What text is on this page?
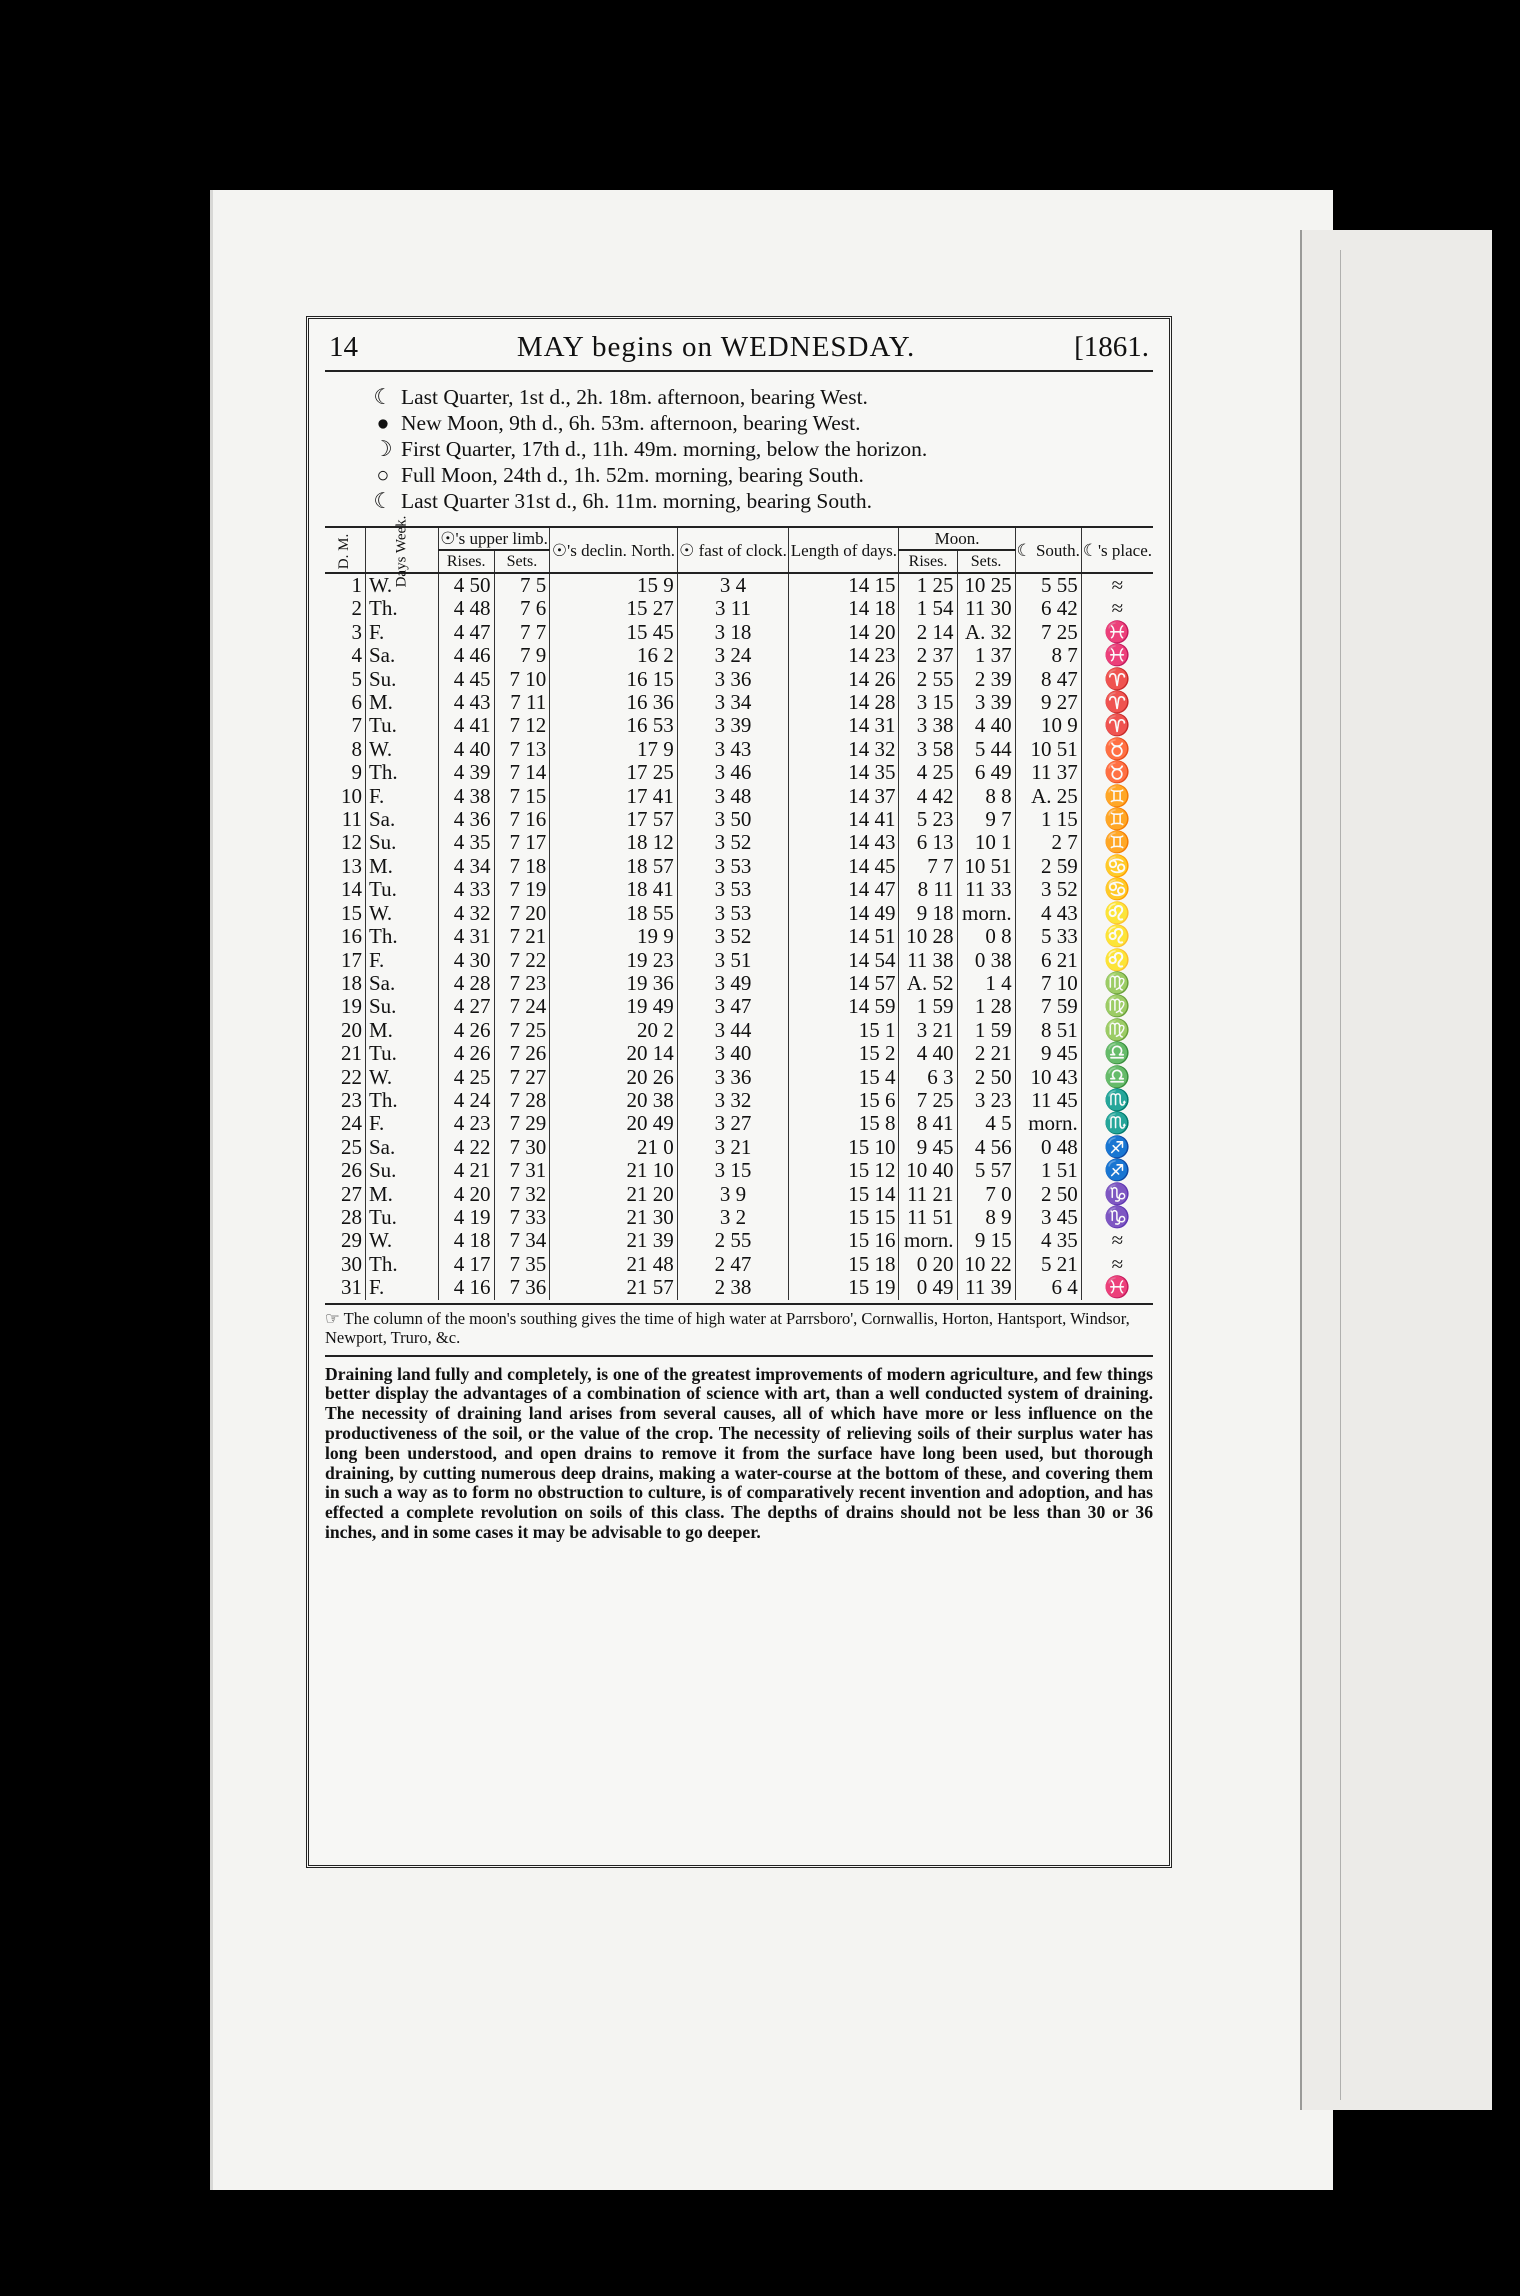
14	MAY begins on WEDNESDAY.	[1861.
☾ Last Quarter, 1st d., 2h. 18m. afternoon, bearing West.
● New Moon, 9th d., 6h. 53m. afternoon, bearing West.
☽ First Quarter, 17th d., 11h. 49m. morning, below the horizon.
○ Full Moon, 24th d., 1h. 52m. morning, bearing South.
☾ Last Quarter 31st d., 6h. 11m. morning, bearing South.
D. M.	Days Week.	☉'s upper limb.		☉'s declin. North.	☉ fast of clock.	Length of days.	Moon.		☾ South.	☾'s place.
		Rises.	Sets.				Rises.	Sets.		
1	W.	4 50	7 5	15 9	3 4	14 15	1 25	10 25	5 55	≈
2	Th.	4 48	7 6	15 27	3 11	14 18	1 54	11 30	6 42	≈
3	F.	4 47	7 7	15 45	3 18	14 20	2 14	A. 32	7 25	♓
4	Sa.	4 46	7 9	16 2	3 24	14 23	2 37	1 37	8 7	♓
5	Su.	4 45	7 10	16 15	3 36	14 26	2 55	2 39	8 47	♈
6	M.	4 43	7 11	16 36	3 34	14 28	3 15	3 39	9 27	♈
7	Tu.	4 41	7 12	16 53	3 39	14 31	3 38	4 40	10 9	♈
8	W.	4 40	7 13	17 9	3 43	14 32	3 58	5 44	10 51	♉
9	Th.	4 39	7 14	17 25	3 46	14 35	4 25	6 49	11 37	♉
10	F.	4 38	7 15	17 41	3 48	14 37	4 42	8 8	A. 25	♊
11	Sa.	4 36	7 16	17 57	3 50	14 41	5 23	9 7	1 15	♊
12	Su.	4 35	7 17	18 12	3 52	14 43	6 13	10 1	2 7	♊
13	M.	4 34	7 18	18 57	3 53	14 45	7 7	10 51	2 59	♋
14	Tu.	4 33	7 19	18 41	3 53	14 47	8 11	11 33	3 52	♋
15	W.	4 32	7 20	18 55	3 53	14 49	9 18	morn.	4 43	♌
16	Th.	4 31	7 21	19 9	3 52	14 51	10 28	0 8	5 33	♌
17	F.	4 30	7 22	19 23	3 51	14 54	11 38	0 38	6 21	♌
18	Sa.	4 28	7 23	19 36	3 49	14 57	A. 52	1 4	7 10	♍
19	Su.	4 27	7 24	19 49	3 47	14 59	1 59	1 28	7 59	♍
20	M.	4 26	7 25	20 2	3 44	15 1	3 21	1 59	8 51	♍
21	Tu.	4 26	7 26	20 14	3 40	15 2	4 40	2 21	9 45	♎
22	W.	4 25	7 27	20 26	3 36	15 4	6 3	2 50	10 43	♎
23	Th.	4 24	7 28	20 38	3 32	15 6	7 25	3 23	11 45	♏
24	F.	4 23	7 29	20 49	3 27	15 8	8 41	4 5	morn.	♏
25	Sa.	4 22	7 30	21 0	3 21	15 10	9 45	4 56	0 48	♐
26	Su.	4 21	7 31	21 10	3 15	15 12	10 40	5 57	1 51	♐
27	M.	4 20	7 32	21 20	3 9	15 14	11 21	7 0	2 50	♑
28	Tu.	4 19	7 33	21 30	3 2	15 15	11 51	8 9	3 45	♑
29	W.	4 18	7 34	21 39	2 55	15 16	morn.	9 15	4 35	≈
30	Th.	4 17	7 35	21 48	2 47	15 18	0 20	10 22	5 21	≈
31	F.	4 16	7 36	21 57	2 38	15 19	0 49	11 39	6 4	♓
☞ The column of the moon's southing gives the time of high water at Parrsboro', Cornwallis, Horton, Hantsport, Windsor, Newport, Truro, &c.
Draining land fully and completely, is one of the greatest improvements of modern agriculture, and few things better display the advantages of a combination of science with art, than a well conducted system of draining. The necessity of draining land arises from several causes, all of which have more or less influence on the productiveness of the soil, or the value of the crop. The necessity of relieving soils of their surplus water has long been understood, and open drains to remove it from the surface have long been used, but thorough draining, by cutting numerous deep drains, making a water-course at the bottom of these, and covering them in such a way as to form no obstruction to culture, is of comparatively recent invention and adoption, and has effected a complete revolution on soils of this class. The depths of drains should not be less than 30 or 36 inches, and in some cases it may be advisable to go deeper.
